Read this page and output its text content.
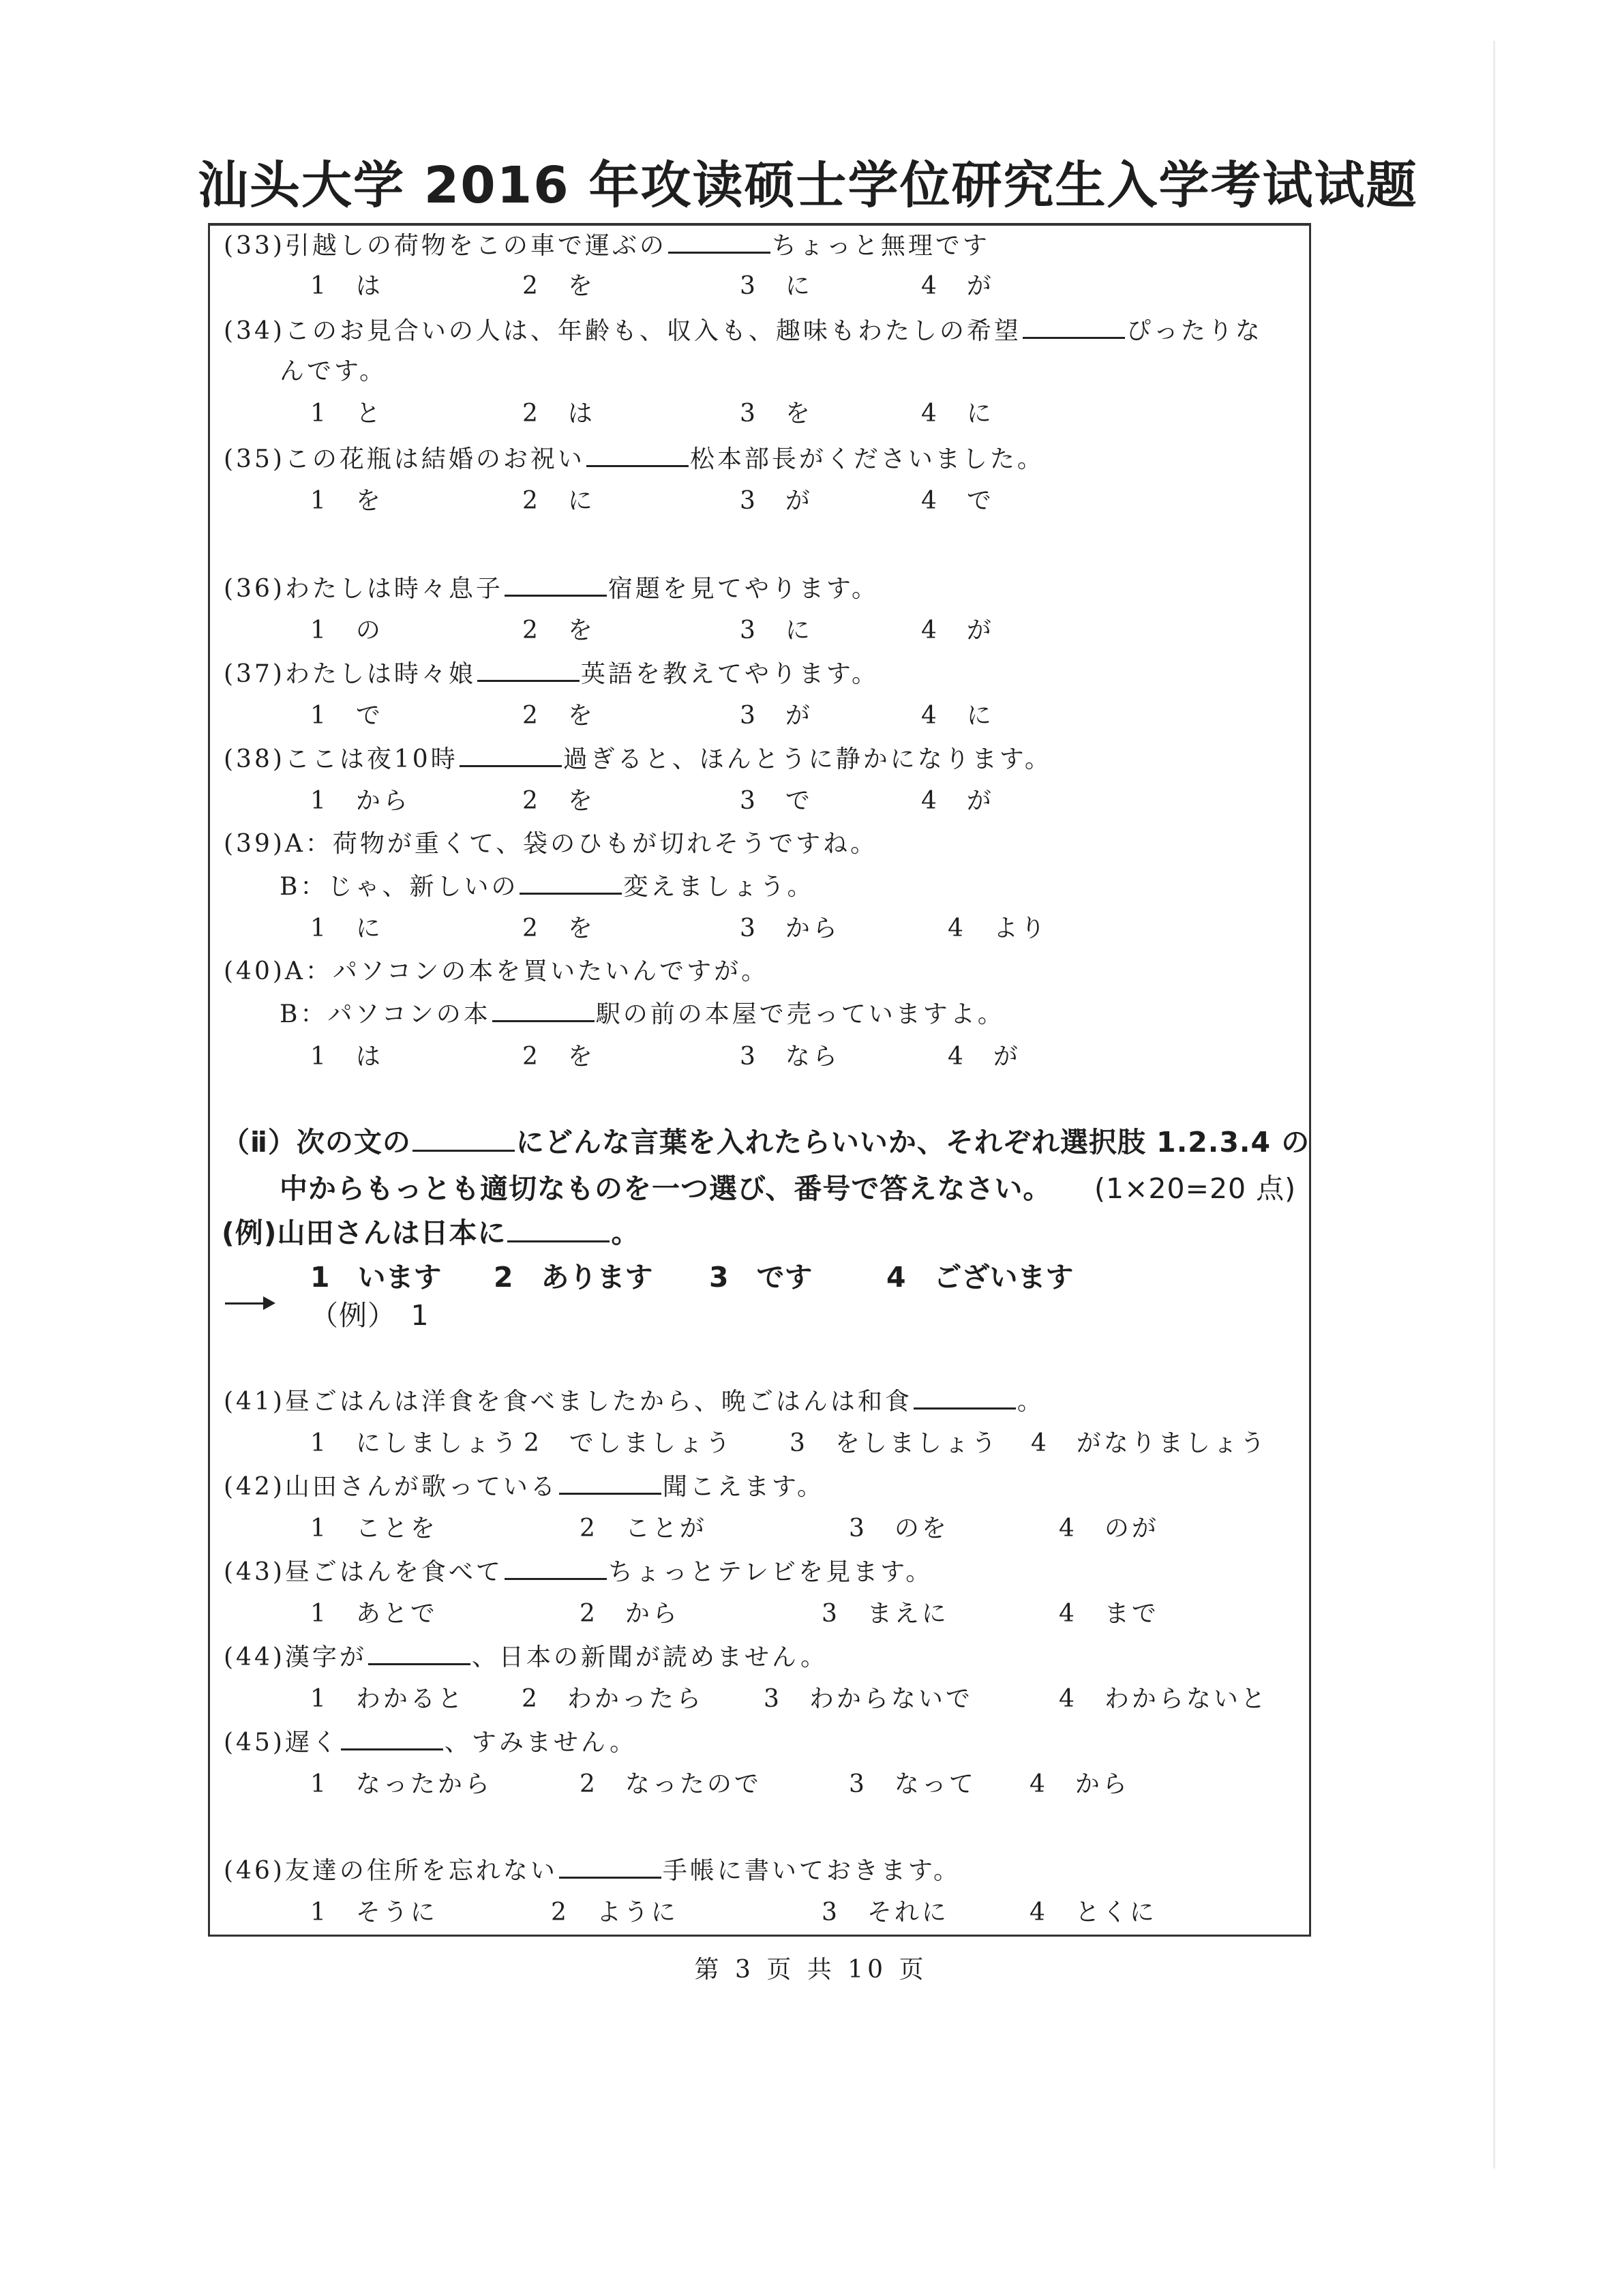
汕头大学 2016 年攻读硕士学位研究生入学考试试题
(33)引越しの荷物をこの車で運ぶの	ちょっと無理です
1　は	2　を	3　に	4　が
(34)このお見合いの人は、年齢も、収入も、趣味もわたしの希望	ぴったりな
んです。
1　と	2　は	3　を	4　に
(35)この花瓶は結婚のお祝い	松本部長がくださいました。
1　を	2　に	3　が	4　で
(36)わたしは時々息子	宿題を見てやります。
1　の	2　を	3　に	4　が
(37)わたしは時々娘	英語を教えてやります。
1　で	2　を	3　が	4　に
(38)ここは夜10時	過ぎると、ほんとうに静かになります。
1　から	2　を	3　で	4　が
(39)A：荷物が重くて、袋のひもが切れそうですね。
B：じゃ、新しいの	変えましょう。
1　に	2　を	3　から	4　より
(40)A：パソコンの本を買いたいんですが。
B：パソコンの本	駅の前の本屋で売っていますよ。
1　は	2　を	3　なら	4　が
（ⅱ）次の文の	にどんな言葉を入れたらいいか、それぞれ選択肢 1.2.3.4 の
中からもっとも適切なものを一つ選び、番号で答えなさい。 (1×20=20 点)
(例)山田さんは日本に	。
1　います 2　あります 3　です	4　ございます
（例）　1
(41)昼ごはんは洋食を食べましたから、晩ごはんは和食	。
1　にしましょう 2　でしましょう 3　をしましょう 4　がなりましょう
(42)山田さんが歌っている	聞こえます。
1　ことを	2　ことが	3　のを	4　のが
(43)昼ごはんを食べて	ちょっとテレビを見ます。
1　あとで	2　から	3　まえに	4　まで
(44)漢字が	、日本の新聞が読めません。
1　わかると 2　わかったら 3　わからないで	4　わからないと
(45)遅く	、すみません。
1　なったから	2　なったので	3　なって 4　から
(46)友達の住所を忘れない	手帳に書いておきます。
1　そうに	2　ように	3　それに	4　とくに
第 3 页 共 10 页
